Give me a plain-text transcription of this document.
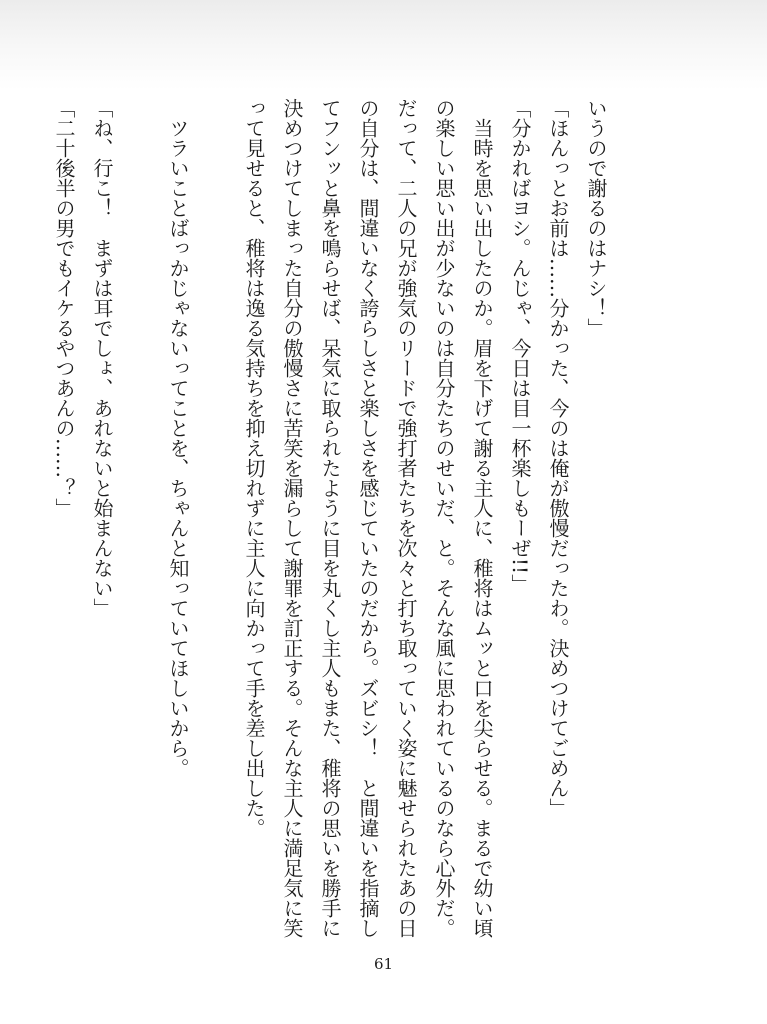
いうので謝るのはナシ！」

「ほんっとお前は……分かった、今のは俺が傲慢だったわ。決めつけてごめん」

「分かればヨシ。んじゃ、今日は目一杯楽しもーぜ!!」

　当時を思い出したのか。眉を下げて謝る主人に、稚将はムッと口を尖らせる。まるで幼い頃の楽しい思い出が少ないのは自分たちのせいだ、と。そんな風に思われているのなら心外だ。だって、二人の兄が強気のリードで強打者たちを次々と打ち取っていく姿に魅せられたあの日の自分は、間違いなく誇らしさと楽しさを感じていたのだから。ズビシ！　と間違いを指摘してフンッと鼻を鳴らせば、呆気に取られたように目を丸くし主人もまた、稚将の思いを勝手に決めつけてしまった自分の傲慢さに苦笑を漏らして謝罪を訂正する。そんな主人に満足気に笑って見せると、稚将は逸る気持ちを抑え切れずに主人に向かって手を差し出した。

　ツラいことばっかじゃないってことを、ちゃんと知っていてほしいから。

「ね、行こ！　まずは耳でしょ、あれないと始まんない」

「二十後半の男でもイケるやつあんの……？」

61
